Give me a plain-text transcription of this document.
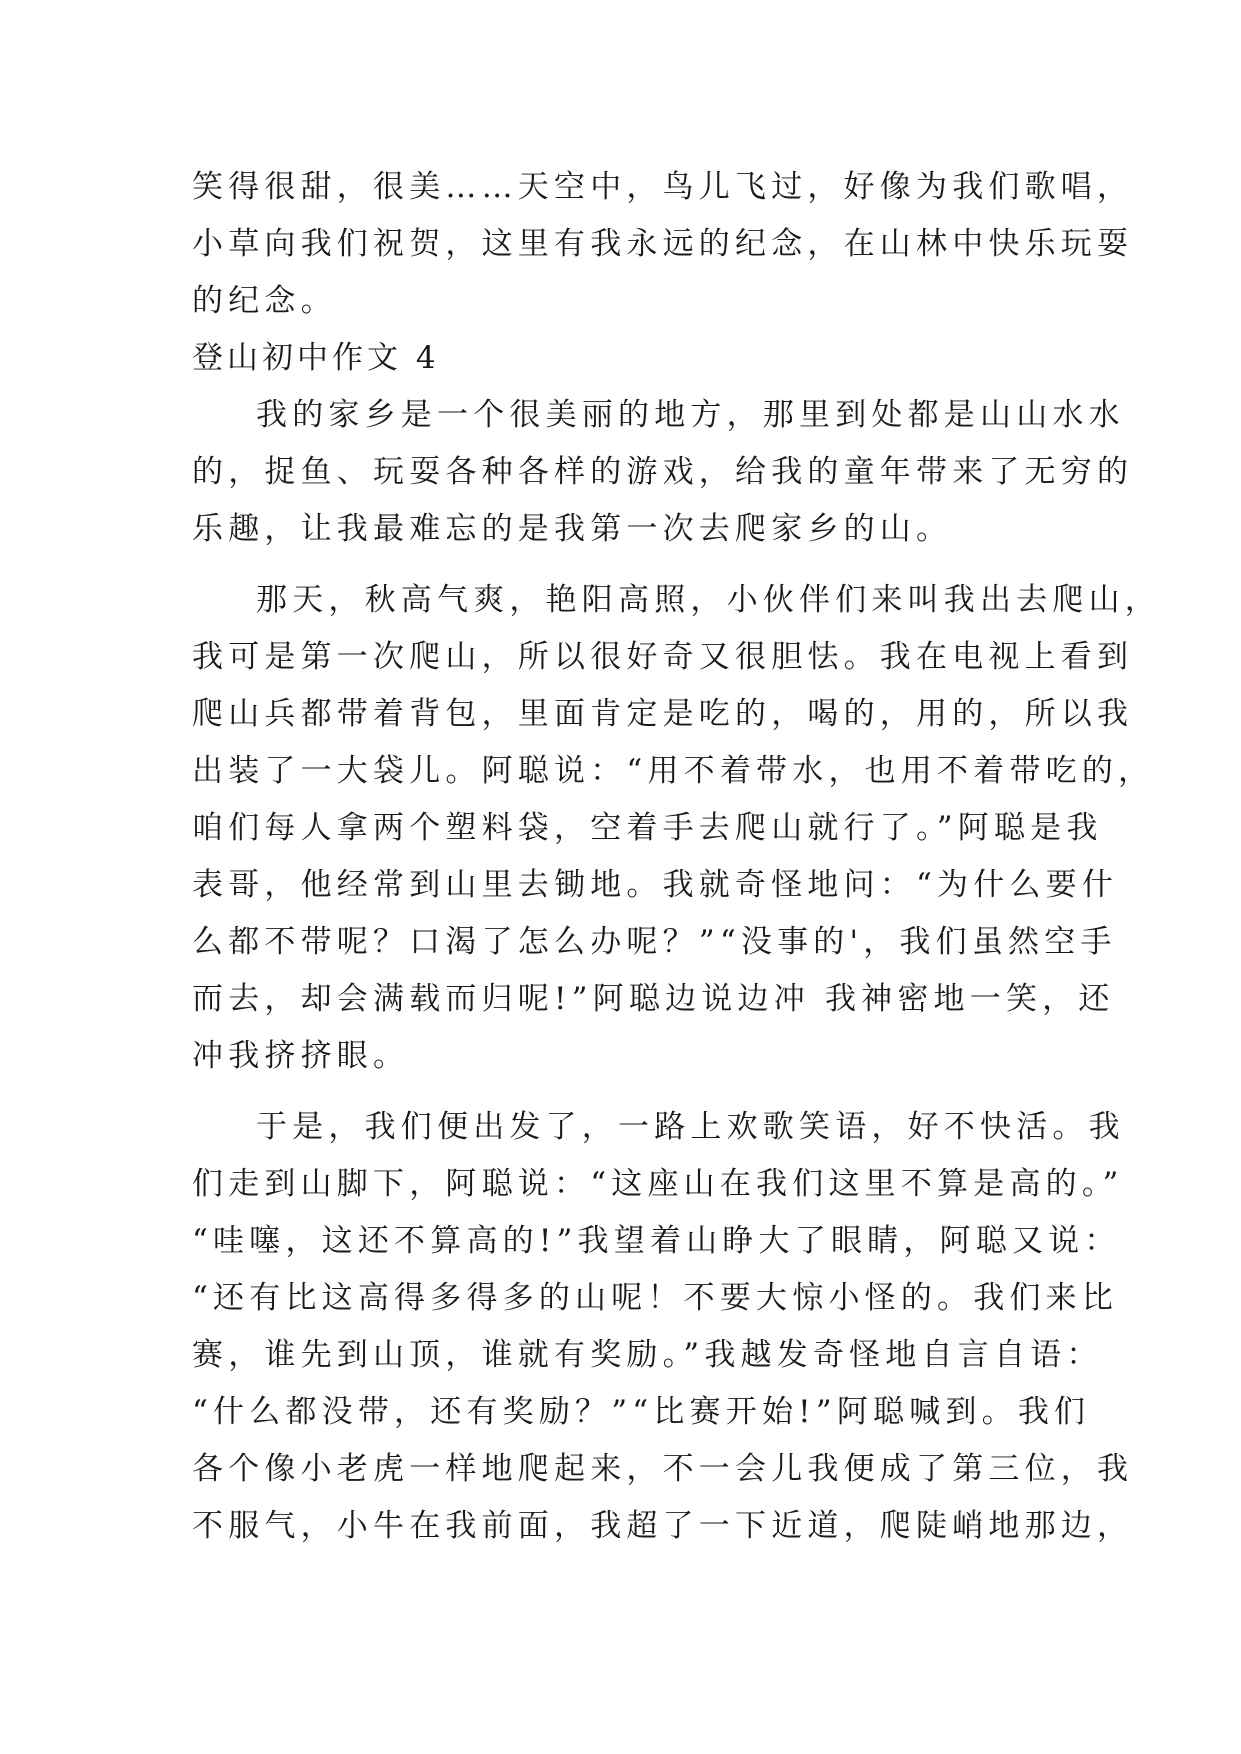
笑得很甜，很美……天空中，鸟儿飞过，好像为我们歌唱，
小草向我们祝贺，这里有我永远的纪念，在山林中快乐玩耍
的纪念。
登山初中作文 4
我的家乡是一个很美丽的地方，那里到处都是山山水水
的，捉鱼、玩耍各种各样的游戏，给我的童年带来了无穷的
乐趣，让我最难忘的是我第一次去爬家乡的山。
那天，秋高气爽，艳阳高照，小伙伴们来叫我出去爬山，
我可是第一次爬山，所以很好奇又很胆怯。我在电视上看到
爬山兵都带着背包，里面肯定是吃的，喝的，用的，所以我
出装了一大袋儿。阿聪说：“用不着带水，也用不着带吃的，
咱们每人拿两个塑料袋，空着手去爬山就行了。”阿聪是我
表哥，他经常到山里去锄地。我就奇怪地问：“为什么要什
么都不带呢？口渴了怎么办呢？”“没事的'，我们虽然空手
而去，却会满载而归呢!”阿聪边说边冲 我神密地一笑，还
冲我挤挤眼。
于是，我们便出发了，一路上欢歌笑语，好不快活。我
们走到山脚下，阿聪说：“这座山在我们这里不算是高的。”
“哇噻，这还不算高的!”我望着山睁大了眼睛，阿聪又说：
“还有比这高得多得多的山呢！不要大惊小怪的。我们来比
赛，谁先到山顶，谁就有奖励。”我越发奇怪地自言自语：
“什么都没带，还有奖励？”“比赛开始!”阿聪喊到。我们
各个像小老虎一样地爬起来，不一会儿我便成了第三位，我
不服气，小牛在我前面，我超了一下近道，爬陡峭地那边，
